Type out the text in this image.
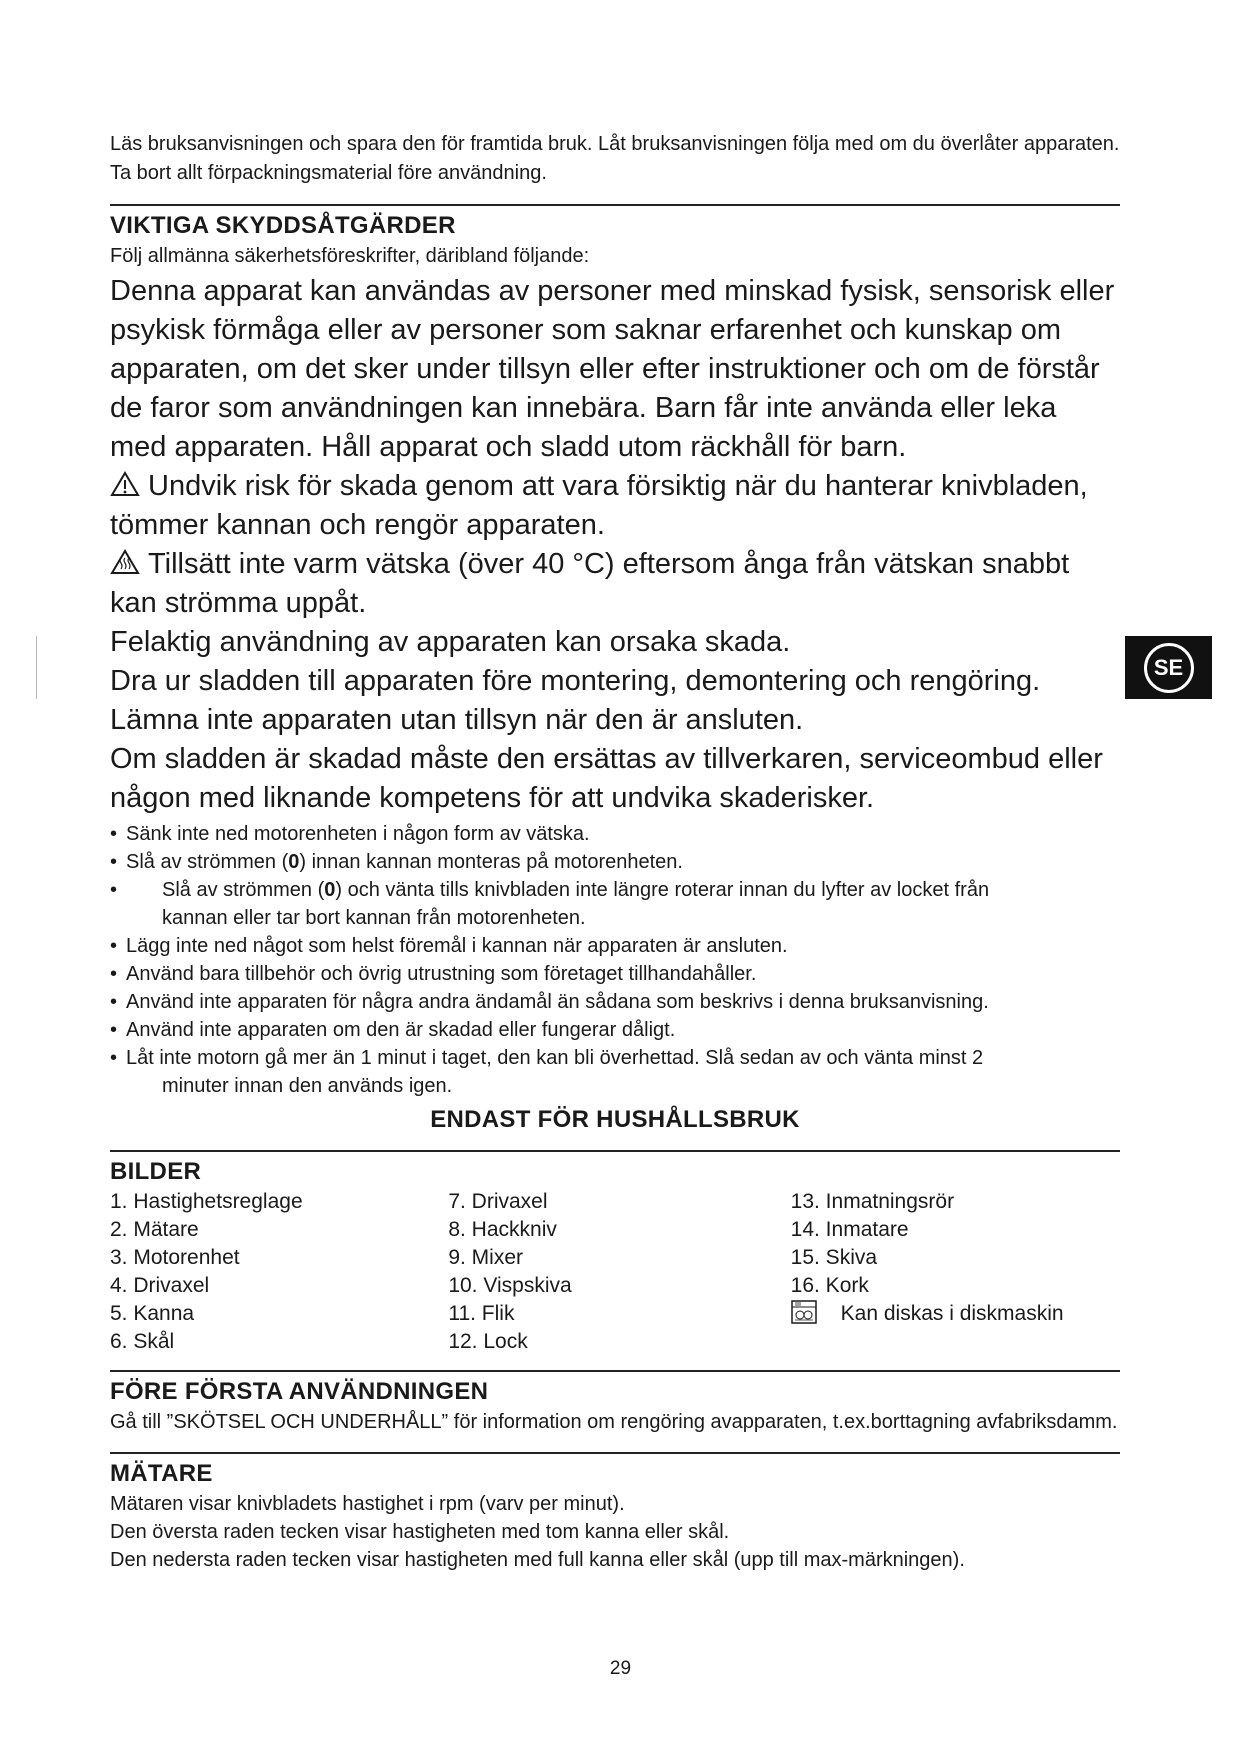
Läs bruksanvisningen och spara den för framtida bruk. Låt bruksanvisningen följa med om du överlåter apparaten. Ta bort allt förpackningsmaterial före användning.

VIKTIGA SKYDDSÅTGÄRDER

Följ allmänna säkerhetsföreskrifter, däribland följande:

Denna apparat kan användas av personer med minskad fysisk, sensorisk eller psykisk förmåga eller av personer som saknar erfarenhet och kunskap om apparaten, om det sker under tillsyn eller efter instruktioner och om de förstår de faror som användningen kan innebära. Barn får inte använda eller leka med apparaten. Håll apparat och sladd utom räckhåll för barn.

Undvik risk för skada genom att vara försiktig när du hanterar knivbladen, tömmer kannan och rengör apparaten.

Tillsätt inte varm vätska (över 40 °C) eftersom ånga från vätskan snabbt kan strömma uppåt.

Felaktig användning av apparaten kan orsaka skada.

Dra ur sladden till apparaten före montering, demontering och rengöring.

Lämna inte apparaten utan tillsyn när den är ansluten.

Om sladden är skadad måste den ersättas av tillverkaren, serviceombud eller någon med liknande kompetens för att undvika skaderisker.

• Sänk inte ned motorenheten i någon form av vätska.
• Slå av strömmen (0) innan kannan monteras på motorenheten.
• Slå av strömmen (0) och vänta tills knivbladen inte längre roterar innan du lyfter av locket från
kannan eller tar bort kannan från motorenheten.
• Lägg inte ned något som helst föremål i kannan när apparaten är ansluten.
• Använd bara tillbehör och övrig utrustning som företaget tillhandahåller.
• Använd inte apparaten för några andra ändamål än sådana som beskrivs i denna bruksanvisning.
• Använd inte apparaten om den är skadad eller fungerar dåligt.
• Låt inte motorn gå mer än 1 minut i taget, den kan bli överhettad. Slå sedan av och vänta minst 2
minuter innan den används igen.

ENDAST FÖR HUSHÅLLSBRUK

BILDER
1. Hastighetsreglage
2. Mätare
3. Motorenhet
4. Drivaxel
5. Kanna
6. Skål
7. Drivaxel
8. Hackkniv
9. Mixer
10. Vispskiva
11. Flik
12. Lock
13. Inmatningsrör
14. Inmatare
15. Skiva
16. Kork
Kan diskas i diskmaskin
FÖRE FÖRSTA ANVÄNDNINGEN

Gå till ”SKÖTSEL OCH UNDERHÅLL” för information om rengöring avapparaten, t.ex.borttagning avfabriksdamm.

MÄTARE

Mätaren visar knivbladets hastighet i rpm (varv per minut).

Den översta raden tecken visar hastigheten med tom kanna eller skål.

Den nedersta raden tecken visar hastigheten med full kanna eller skål (upp till max-märkningen).

SE
29
